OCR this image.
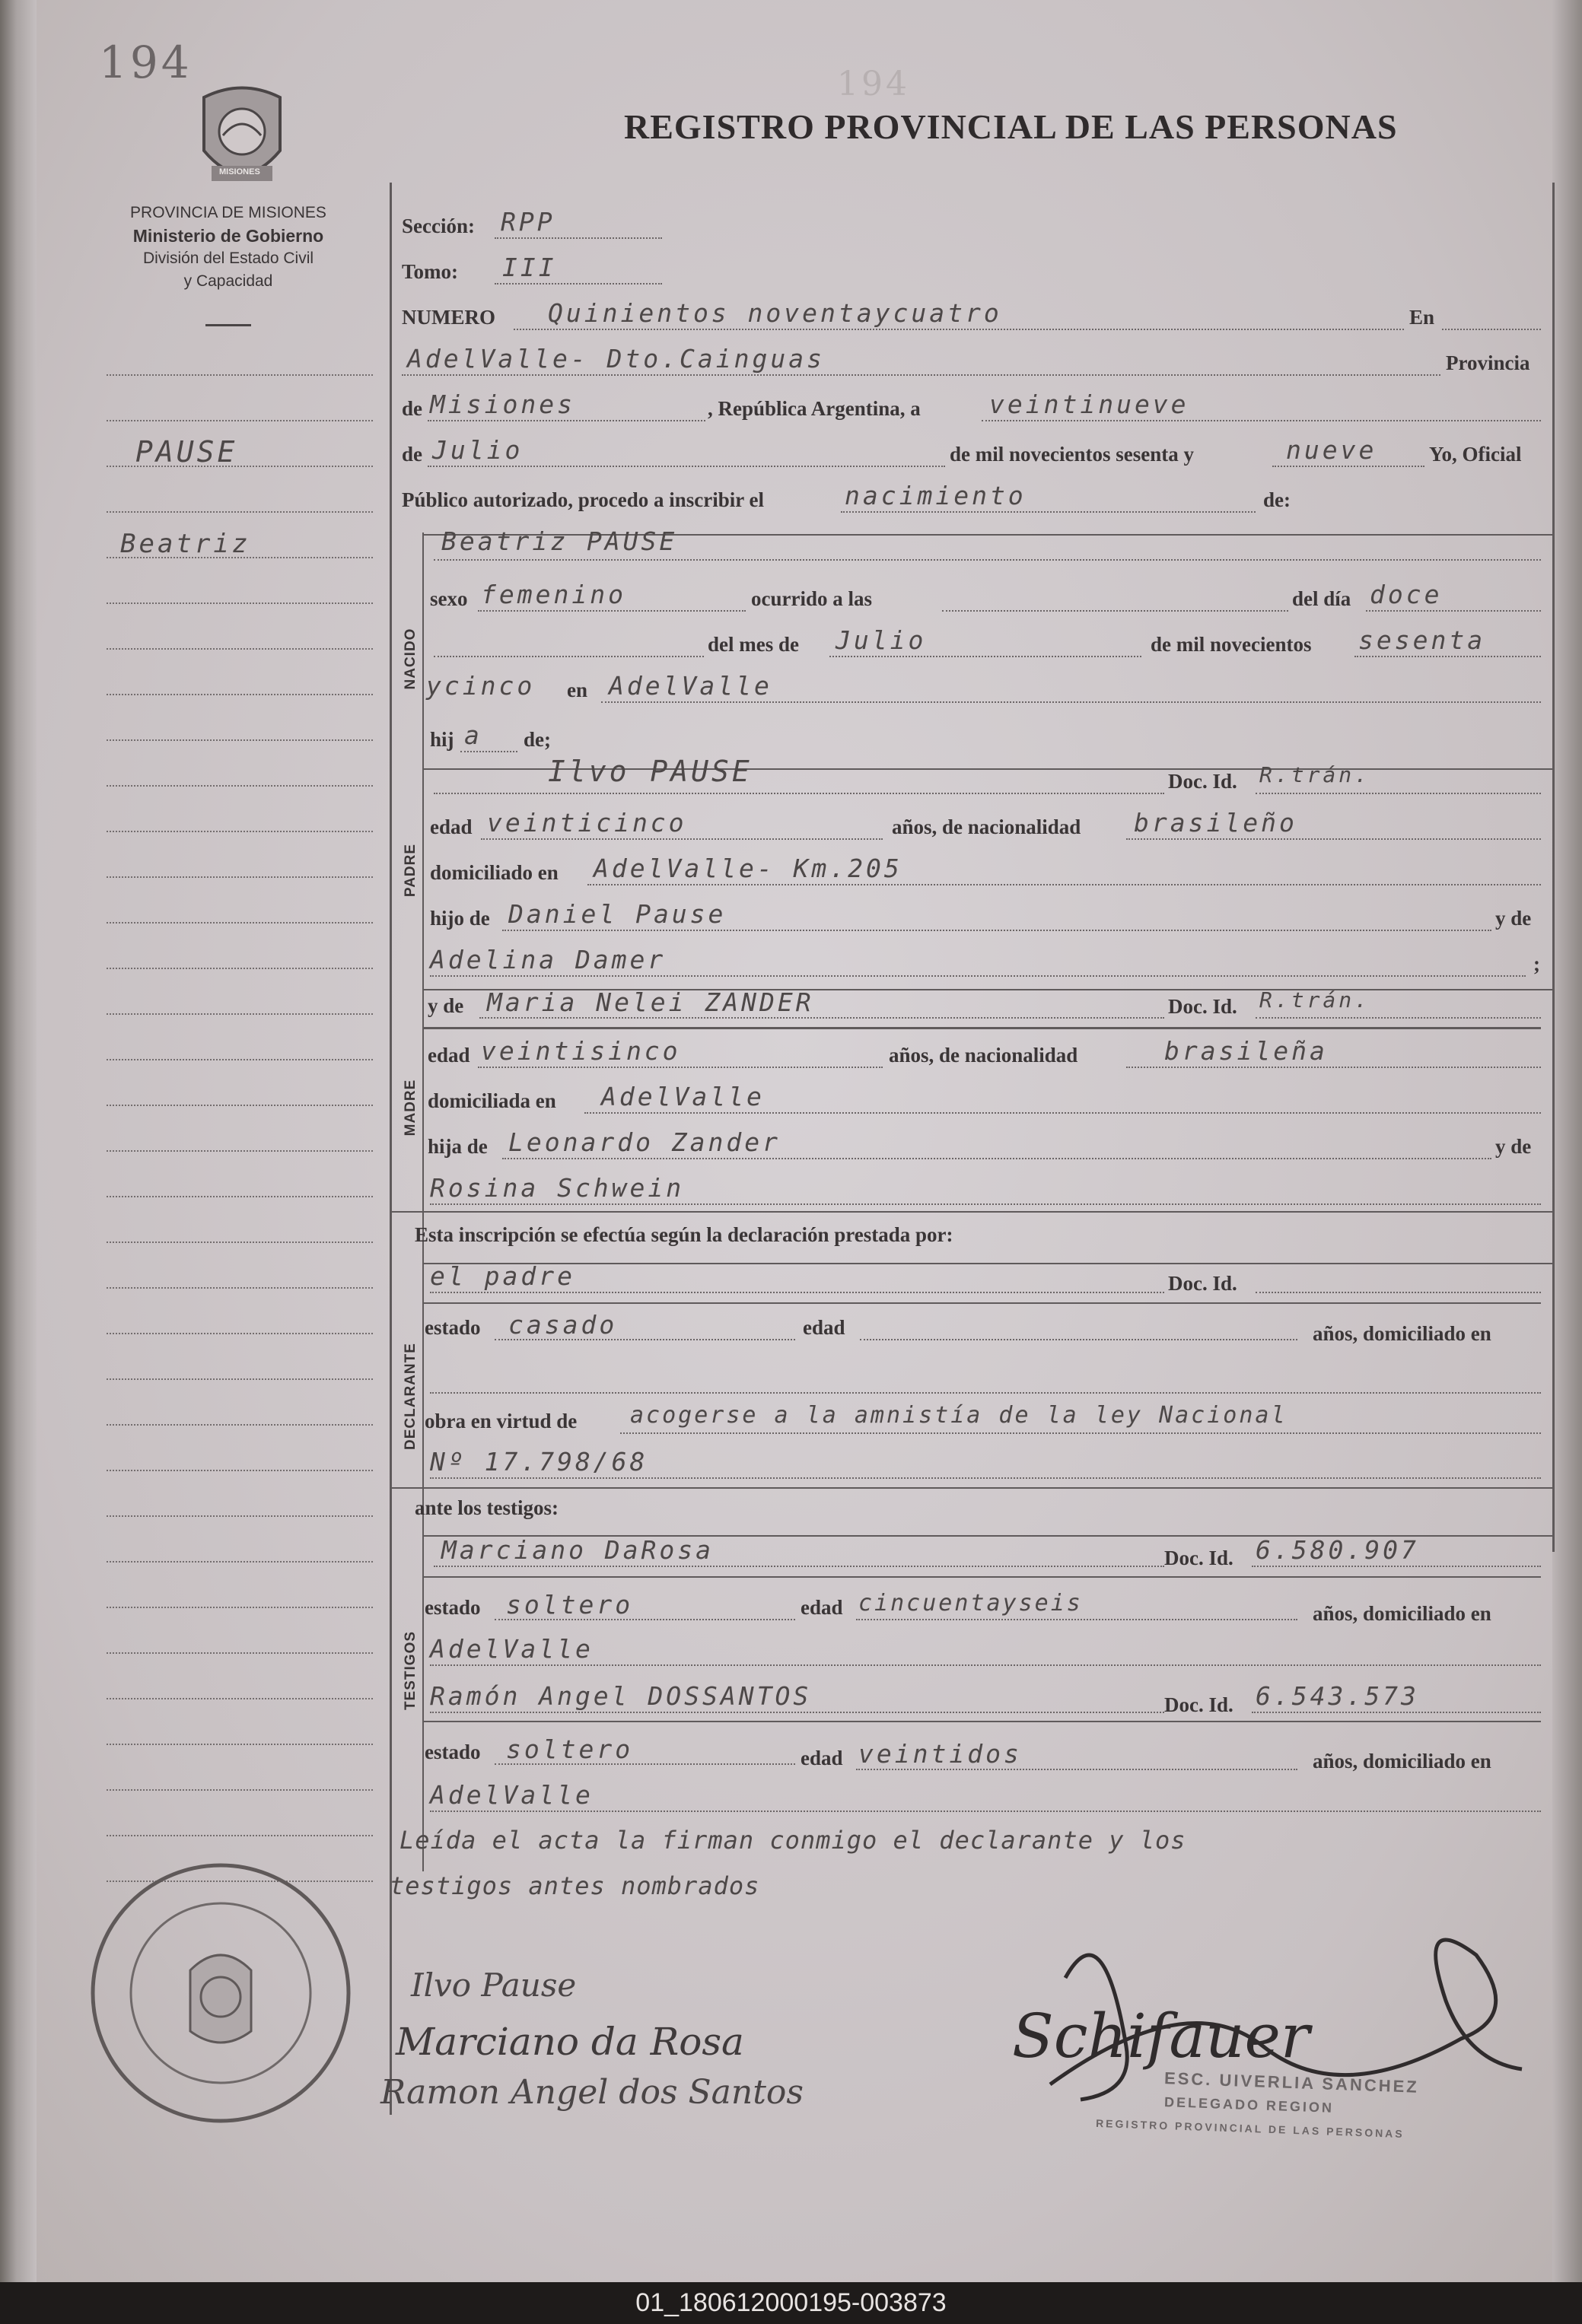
194	194
MISIONES
REGISTRO PROVINCIAL DE LAS PERSONAS
PROVINCIA DE MISIONES
Ministerio de Gobierno
División del Estado Civil
y Capacidad
PAUSE
Beatriz
Sección: RPP
Tomo: III
NUMERO Quinientos noventaycuatro	En
AdelValle- Dto.Cainguas	Provincia
de Misiones	, República Argentina, a	veintinueve
de Julio	de mil novecientos sesenta y	nueve	Yo, Oficial
Público autorizado, procedo a inscribir el	nacimiento	de:
NACIDO
Beatriz PAUSE
sexo femenino	ocurrido a las	del día doce
del mes de Julio	de mil novecientos sesenta
ycinco en AdelValle
hij a de;
PADRE
Ilvo PAUSE	Doc. Id. R.trán.
edad veinticinco	años, de nacionalidad brasileño
domiciliado en AdelValle- Km.205
hijo de Daniel Pause	y de
Adelina Damer	;
y de Maria Nelei ZANDER	Doc. Id. R.trán.
MADRE
edad veintisinco	años, de nacionalidad	brasileña
domiciliada en AdelValle
hija de Leonardo Zander	y de
Rosina Schwein
Esta inscripción se efectúa según la declaración prestada por:
DECLARANTE
el padre	Doc. Id.
estado casado	edad	años, domiciliado en
obra en virtud de acogerse a la amnistía de la ley Nacional
Nº 17.798/68
ante los testigos:
TESTIGOS
Marciano DaRosa	Doc. Id. 6.580.907
estado soltero	edad cincuentayseis	años, domiciliado en
AdelValle
Ramón Angel DOSSANTOS	Doc. Id. 6.543.573
estado soltero	edad veintidos	años, domiciliado en
AdelValle
Leída el acta la firman conmigo el declarante y los
testigos antes nombrados
Ilvo Pause
Marciano da Rosa
Ramon Angel dos Santos
Schifauer
ESC. UIVERLIA SANCHEZ
DELEGADO REGION
REGISTRO PROVINCIAL DE LAS PERSONAS
01_180612000195-003873
